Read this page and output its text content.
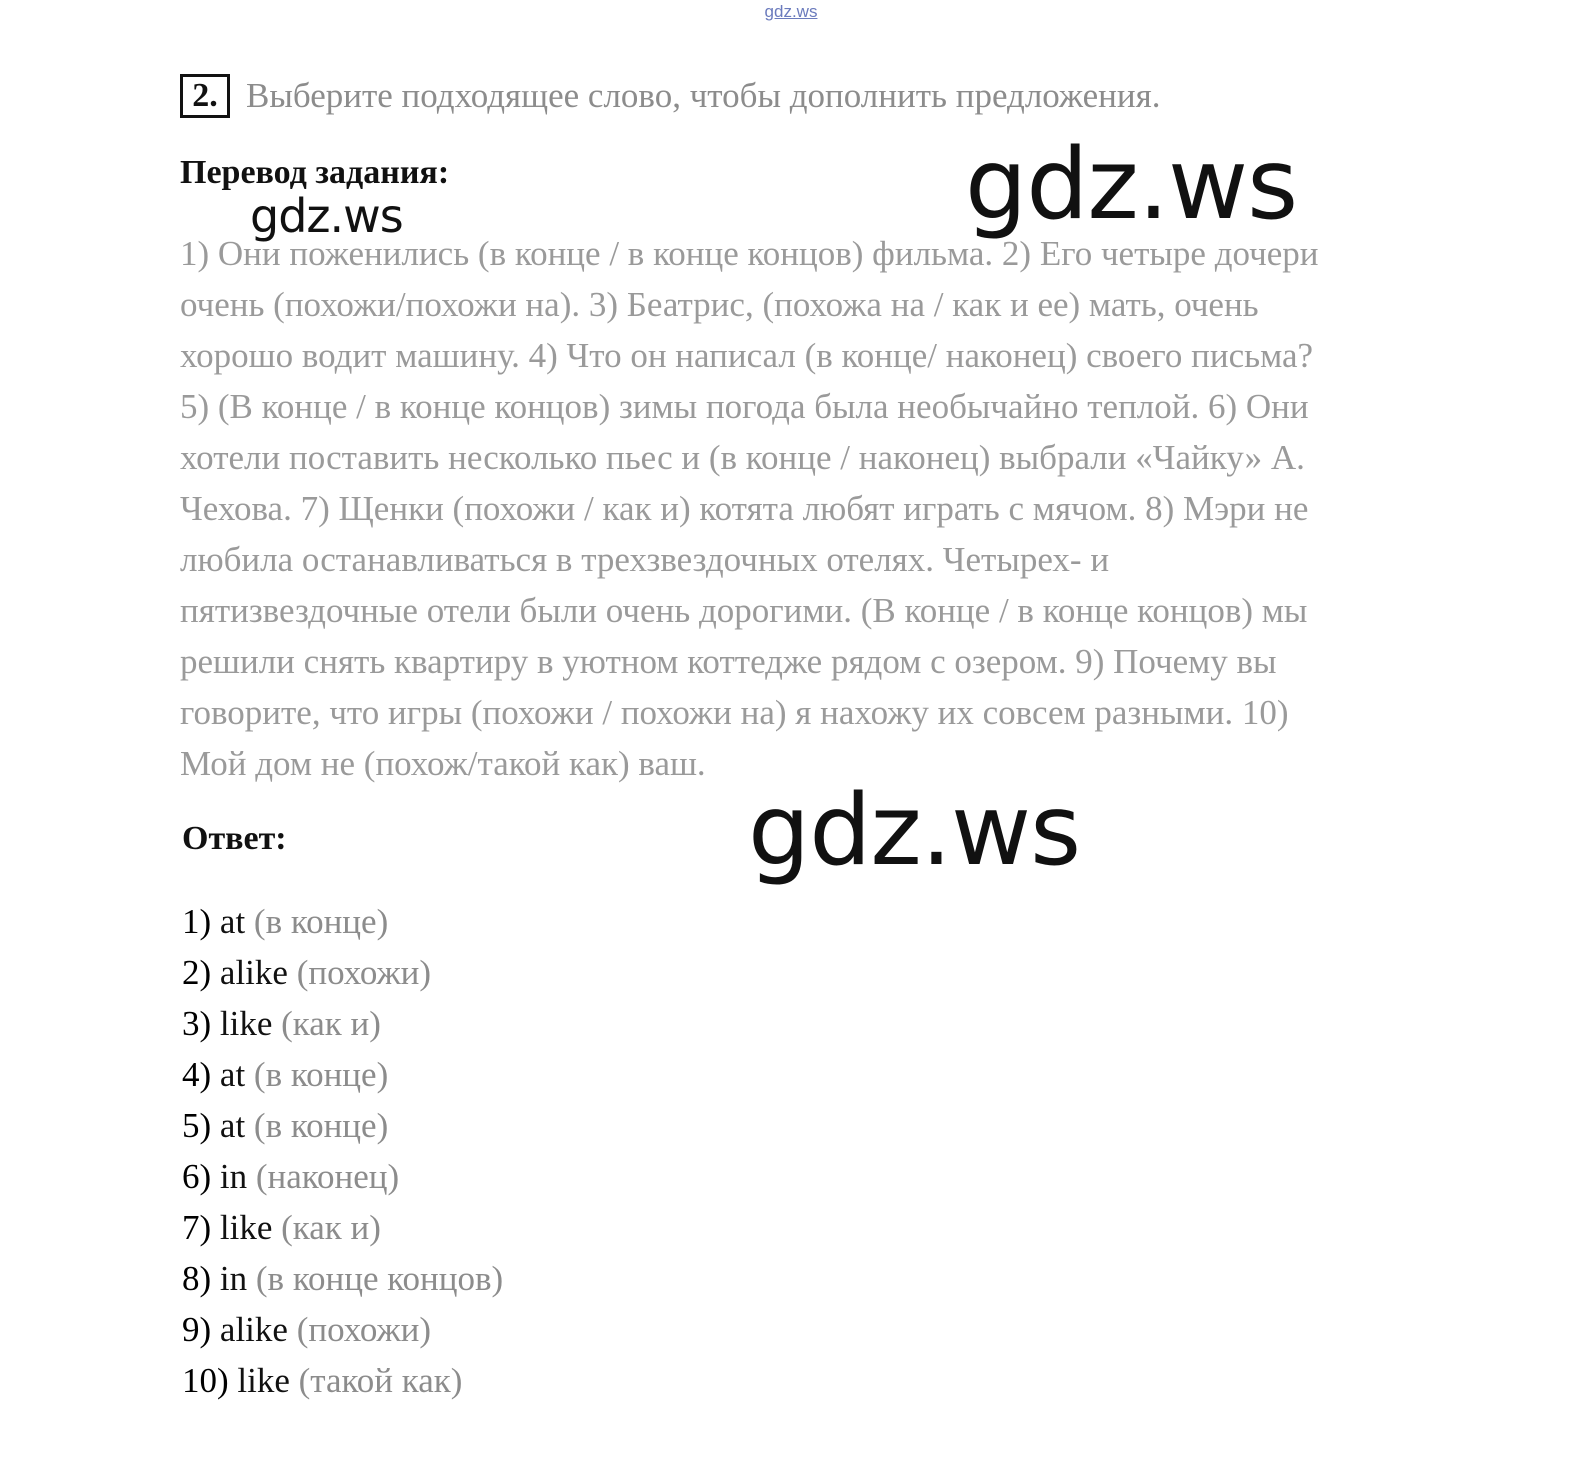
gdz.ws
2. Выберите подходящее слово, чтобы дополнить предложения.
Перевод задания:
1) Они поженились (в конце / в конце концов) фильма. 2) Его четыре дочери
очень (похожи/похожи на). 3) Беатрис, (похожа на / как и ее) мать, очень
хорошо водит машину. 4) Что он написал (в конце/ наконец) своего письма?
5) (В конце / в конце концов) зимы погода была необычайно теплой. 6) Они
хотели поставить несколько пьес и (в конце / наконец) выбрали «Чайку» А.
Чехова. 7) Щенки (похожи / как и) котята любят играть с мячом. 8) Мэри не
любила останавливаться в трехзвездочных отелях. Четырех- и
пятизвездочные отели были очень дорогими. (В конце / в конце концов) мы
решили снять квартиру в уютном коттедже рядом с озером. 9) Почему вы
говорите, что игры (похожи / похожи на) я нахожу их совсем разными. 10)
Мой дом не (похож/такой как) ваш.
Ответ:
1) at (в конце)
2) alike (похожи)
3) like (как и)
4) at (в конце)
5) at (в конце)
6) in (наконец)
7) like (как и)
8) in (в конце концов)
9) alike (похожи)
10) like (такой как)
gdz.ws	gdz.ws
gdz.ws
